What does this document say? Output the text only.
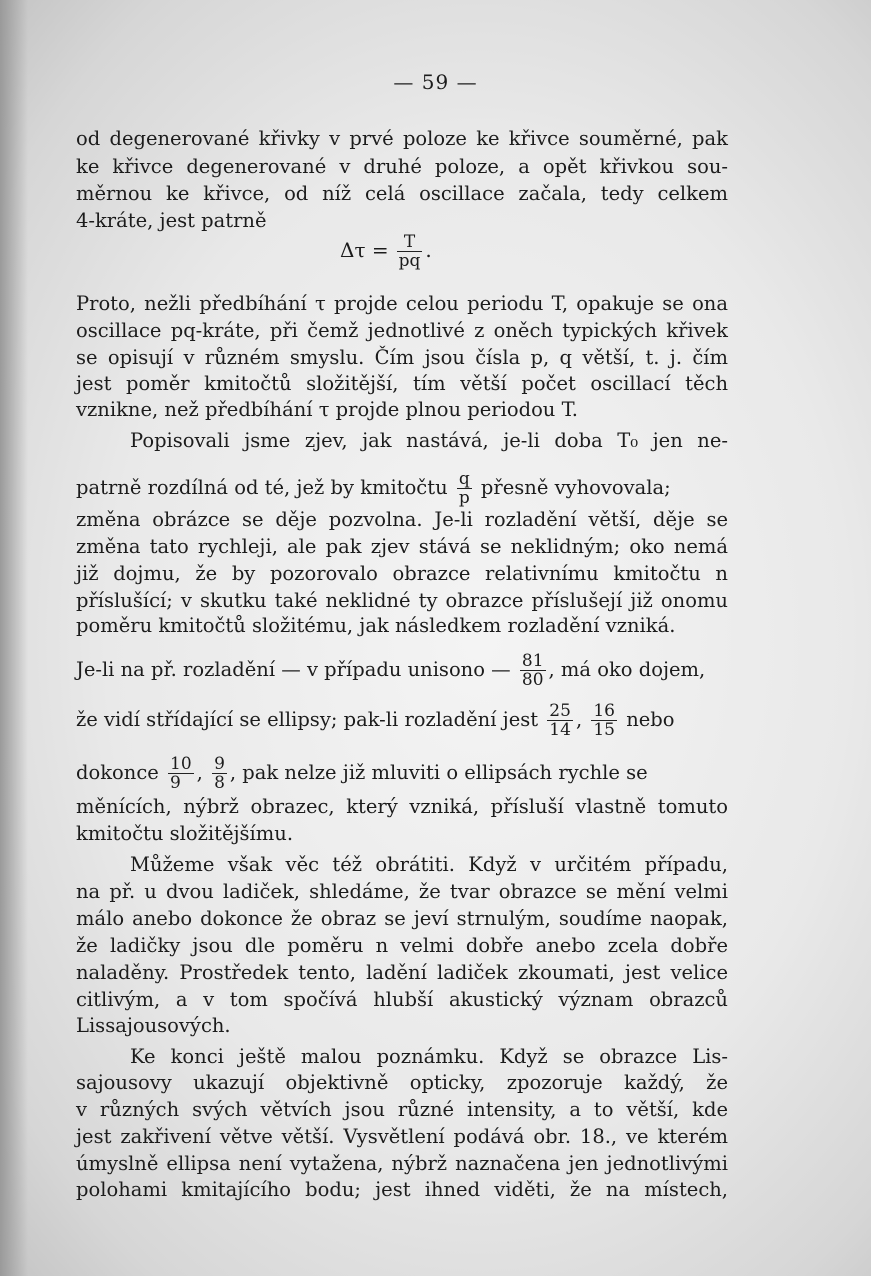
— 59 —
od degenerované křivky v prvé poloze ke křivce souměrné, pak
ke křivce degenerované v druhé poloze, a opět křivkou sou-
měrnou ke křivce, od níž celá oscillace začala, tedy celkem
4-kráte, jest patrně
$\Delta\tau = \frac{T}{pq}$ .
Proto, nežli předbíhání τ projde celou periodu T, opakuje se ona
oscillace pq-kráte, při čemž jednotlivé z oněch typických křivek
se opisují v různém smyslu. Čím jsou čísla p, q větší, t. j. čím
jest poměr kmitočtů složitější, tím větší počet oscillací těch
vznikne, než předbíhání τ projde plnou periodou T.
Popisovali jsme zjev, jak nastává, je-li doba T₀ jen ne-
patrně rozdílná od té, jež by kmitočtu $\frac{q}{p}$ přesně vyhovovala;
změna obrázce se děje pozvolna. Je-li rozladění větší, děje se
změna tato rychleji, ale pak zjev stává se neklidným; oko nemá
již dojmu, že by pozorovalo obrazce relativnímu kmitočtu n
příslušící; v skutku také neklidné ty obrazce příslušejí již onomu
poměru kmitočtů složitému, jak následkem rozladění vzniká.
Je-li na př. rozladění — v případu unisono — $\frac{81}{80}$ , má oko dojem,
že vidí střídající se ellipsy; pak-li rozladění jest $\frac{25}{14}$ , $\frac{16}{15}$ nebo
dokonce $\frac{10}{9}$ , $\frac{9}{8}$ , pak nelze již mluviti o ellipsách rychle se
měnících, nýbrž obrazec, který vzniká, přísluší vlastně tomuto
kmitočtu složitějšímu.
Můžeme však věc též obrátiti. Když v určitém případu,
na př. u dvou ladiček, shledáme, že tvar obrazce se mění velmi
málo anebo dokonce že obraz se jeví strnulým, soudíme naopak,
že ladičky jsou dle poměru n velmi dobře anebo zcela dobře
naladěny. Prostředek tento, ladění ladiček zkoumati, jest velice
citlivým, a v tom spočívá hlubší akustický význam obrazců
Lissajousových.
Ke konci ještě malou poznámku. Když se obrazce Lis-
sajousovy ukazují objektivně opticky, zpozoruje každý, že
v různých svých větvích jsou různé intensity, a to větší, kde
jest zakřivení větve větší. Vysvětlení podává obr. 18., ve kterém
úmyslně ellipsa není vytažena, nýbrž naznačena jen jednotlivými
polohami kmitajícího bodu; jest ihned viděti, že na místech,
